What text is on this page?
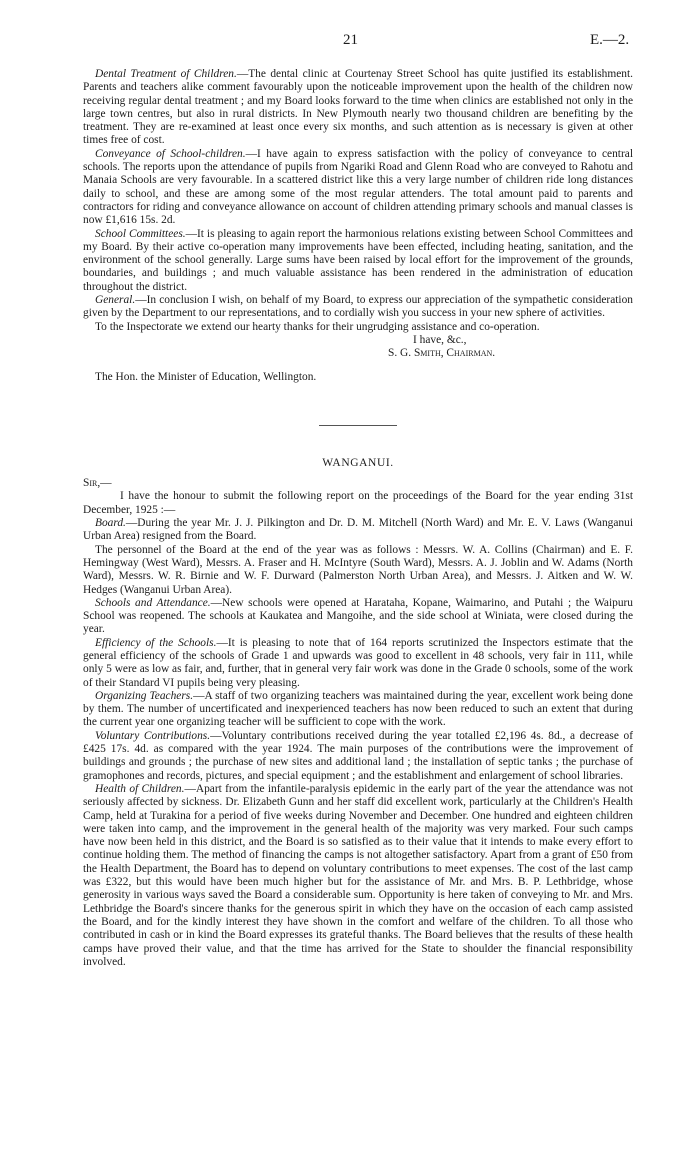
21	E.—2.

Dental Treatment of Children.—The dental clinic at Courtenay Street School has quite justified its establishment. Parents and teachers alike comment favourably upon the noticeable improvement upon the health of the children now receiving regular dental treatment ; and my Board looks forward to the time when clinics are established not only in the large town centres, but also in rural districts. In New Plymouth nearly two thousand children are benefiting by the treatment. They are re-examined at least once every six months, and such attention as is necessary is given at other times free of cost.

Conveyance of School-children.—I have again to express satisfaction with the policy of conveyance to central schools. The reports upon the attendance of pupils from Ngariki Road and Glenn Road who are conveyed to Rahotu and Manaia Schools are very favourable. In a scattered district like this a very large number of children ride long distances daily to school, and these are among some of the most regular attenders. The total amount paid to parents and contractors for riding and conveyance allowance on account of children attending primary schools and manual classes is now £1,616 15s. 2d.

School Committees.—It is pleasing to again report the harmonious relations existing between School Committees and my Board. By their active co-operation many improvements have been effected, including heating, sanitation, and the environment of the school generally. Large sums have been raised by local effort for the improvement of the grounds, boundaries, and buildings ; and much valuable assistance has been rendered in the administration of education throughout the district.

General.—In conclusion I wish, on behalf of my Board, to express our appreciation of the sympathetic consideration given by the Department to our representations, and to cordially wish you success in your new sphere of activities.

To the Inspectorate we extend our hearty thanks for their ungrudging assistance and co-operation.

I have, &c.,

S. G. Smith, Chairman.

The Hon. the Minister of Education, Wellington.

WANGANUI.

Sir,—

I have the honour to submit the following report on the proceedings of the Board for the year ending 31st December, 1925 :—

Board.—During the year Mr. J. J. Pilkington and Dr. D. M. Mitchell (North Ward) and Mr. E. V. Laws (Wanganui Urban Area) resigned from the Board.

The personnel of the Board at the end of the year was as follows : Messrs. W. A. Collins (Chairman) and E. F. Hemingway (West Ward), Messrs. A. Fraser and H. McIntyre (South Ward), Messrs. A. J. Joblin and W. Adams (North Ward), Messrs. W. R. Birnie and W. F. Durward (Palmerston North Urban Area), and Messrs. J. Aitken and W. W. Hedges (Wanganui Urban Area).

Schools and Attendance.—New schools were opened at Harataha, Kopane, Waimarino, and Putahi ; the Waipuru School was reopened. The schools at Kaukatea and Mangoihe, and the side school at Winiata, were closed during the year.

Efficiency of the Schools.—It is pleasing to note that of 164 reports scrutinized the Inspectors estimate that the general efficiency of the schools of Grade 1 and upwards was good to excellent in 48 schools, very fair in 111, while only 5 were as low as fair, and, further, that in general very fair work was done in the Grade 0 schools, some of the work of their Standard VI pupils being very pleasing.

Organizing Teachers.—A staff of two organizing teachers was maintained during the year, excellent work being done by them. The number of uncertificated and inexperienced teachers has now been reduced to such an extent that during the current year one organizing teacher will be sufficient to cope with the work.

Voluntary Contributions.—Voluntary contributions received during the year totalled £2,196 4s. 8d., a decrease of £425 17s. 4d. as compared with the year 1924. The main purposes of the contributions were the improvement of buildings and grounds ; the purchase of new sites and additional land ; the installation of septic tanks ; the purchase of gramophones and records, pictures, and special equipment ; and the establishment and enlargement of school libraries.

Health of Children.—Apart from the infantile-paralysis epidemic in the early part of the year the attendance was not seriously affected by sickness. Dr. Elizabeth Gunn and her staff did excellent work, particularly at the Children's Health Camp, held at Turakina for a period of five weeks during November and December. One hundred and eighteen children were taken into camp, and the improvement in the general health of the majority was very marked. Four such camps have now been held in this district, and the Board is so satisfied as to their value that it intends to make every effort to continue holding them. The method of financing the camps is not altogether satisfactory. Apart from a grant of £50 from the Health Department, the Board has to depend on voluntary contributions to meet expenses. The cost of the last camp was £322, but this would have been much higher but for the assistance of Mr. and Mrs. B. P. Lethbridge, whose generosity in various ways saved the Board a considerable sum. Opportunity is here taken of conveying to Mr. and Mrs. Lethbridge the Board's sincere thanks for the generous spirit in which they have on the occasion of each camp assisted the Board, and for the kindly interest they have shown in the comfort and welfare of the children. To all those who contributed in cash or in kind the Board expresses its grateful thanks. The Board believes that the results of these health camps have proved their value, and that the time has arrived for the State to shoulder the financial responsibility involved.
